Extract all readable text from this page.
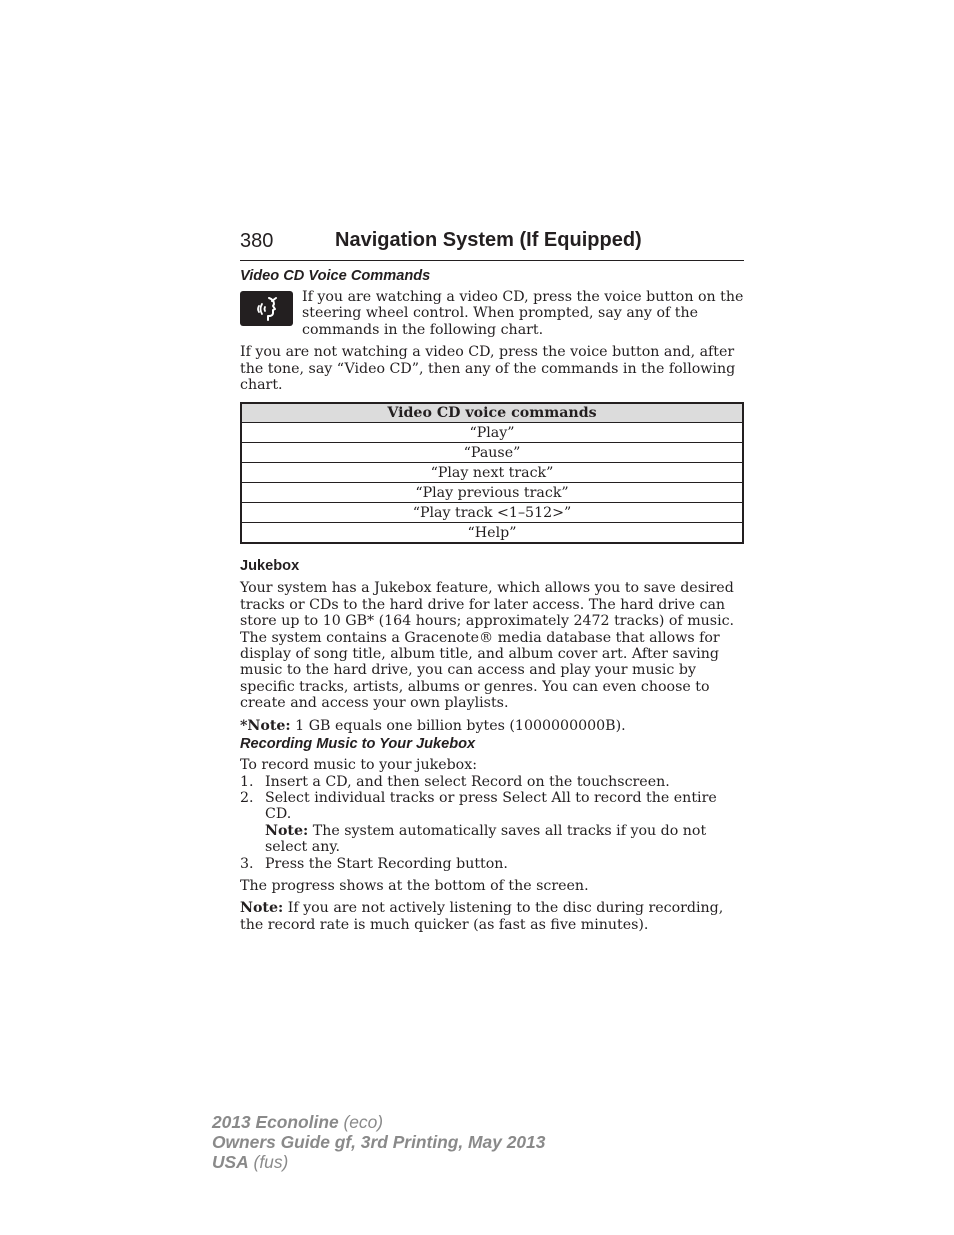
380	Navigation System (If Equipped)
Video CD Voice Commands

If you are watching a video CD, press the voice button on the steering wheel control. When prompted, say any of the commands in the following chart.

If you are not watching a video CD, press the voice button and, after the tone, say “Video CD”, then any of the commands in the following chart.

Video CD voice commands
“Play”
“Pause”
“Play next track”
“Play previous track”
“Play track <1–512>”
“Help”
Jukebox

Your system has a Jukebox feature, which allows you to save desired tracks or CDs to the hard drive for later access. The hard drive can store up to 10 GB* (164 hours; approximately 2472 tracks) of music. The system contains a Gracenote® media database that allows for display of song title, album title, and album cover art. After saving music to the hard drive, you can access and play your music by specific tracks, artists, albums or genres. You can even choose to create and access your own playlists.

*Note: 1 GB equals one billion bytes (1000000000B).

Recording Music to Your Jukebox

To record music to your jukebox:

1. Insert a CD, and then select Record on the touchscreen.
2. Select individual tracks or press Select All to record the entire CD.
Note: The system automatically saves all tracks if you do not select any.
3. Press the Start Recording button.

The progress shows at the bottom of the screen.

Note: If you are not actively listening to the disc during recording, the record rate is much quicker (as fast as five minutes).

2013 Econoline (eco)
Owners Guide gf, 3rd Printing, May 2013
USA (fus)
